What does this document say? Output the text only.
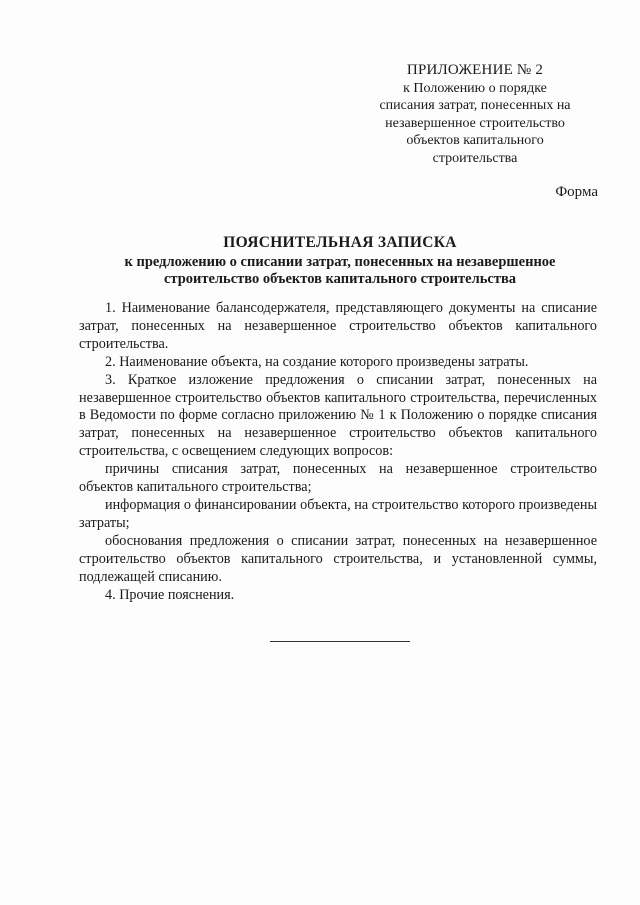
ПРИЛОЖЕНИЕ № 2
к Положению о порядке
списания затрат, понесенных на
незавершенное строительство
объектов капитального
строительства
Форма
ПОЯСНИТЕЛЬНАЯ ЗАПИСКА
к предложению о списании затрат, понесенных на незавершенное
строительство объектов капитального строительства

1. Наименование балансодержателя, представляющего документы на списание затрат, понесенных на незавершенное строительство объектов капитального строительства.

2. Наименование объекта, на создание которого произведены затраты.

3. Краткое изложение предложения о списании затрат, понесенных на незавершенное строительство объектов капитального строительства, перечисленных в Ведомости по форме согласно приложению № 1 к Положению о порядке списания затрат, понесенных на незавершенное строительство объектов капитального строительства, с освещением следующих вопросов:

причины списания затрат, понесенных на незавершенное строительство объектов капитального строительства;

информация о финансировании объекта, на строительство которого произведены затраты;

обоснования предложения о списании затрат, понесенных на незавершенное строительство объектов капитального строительства, и установленной суммы, подлежащей списанию.

4. Прочие пояснения.
